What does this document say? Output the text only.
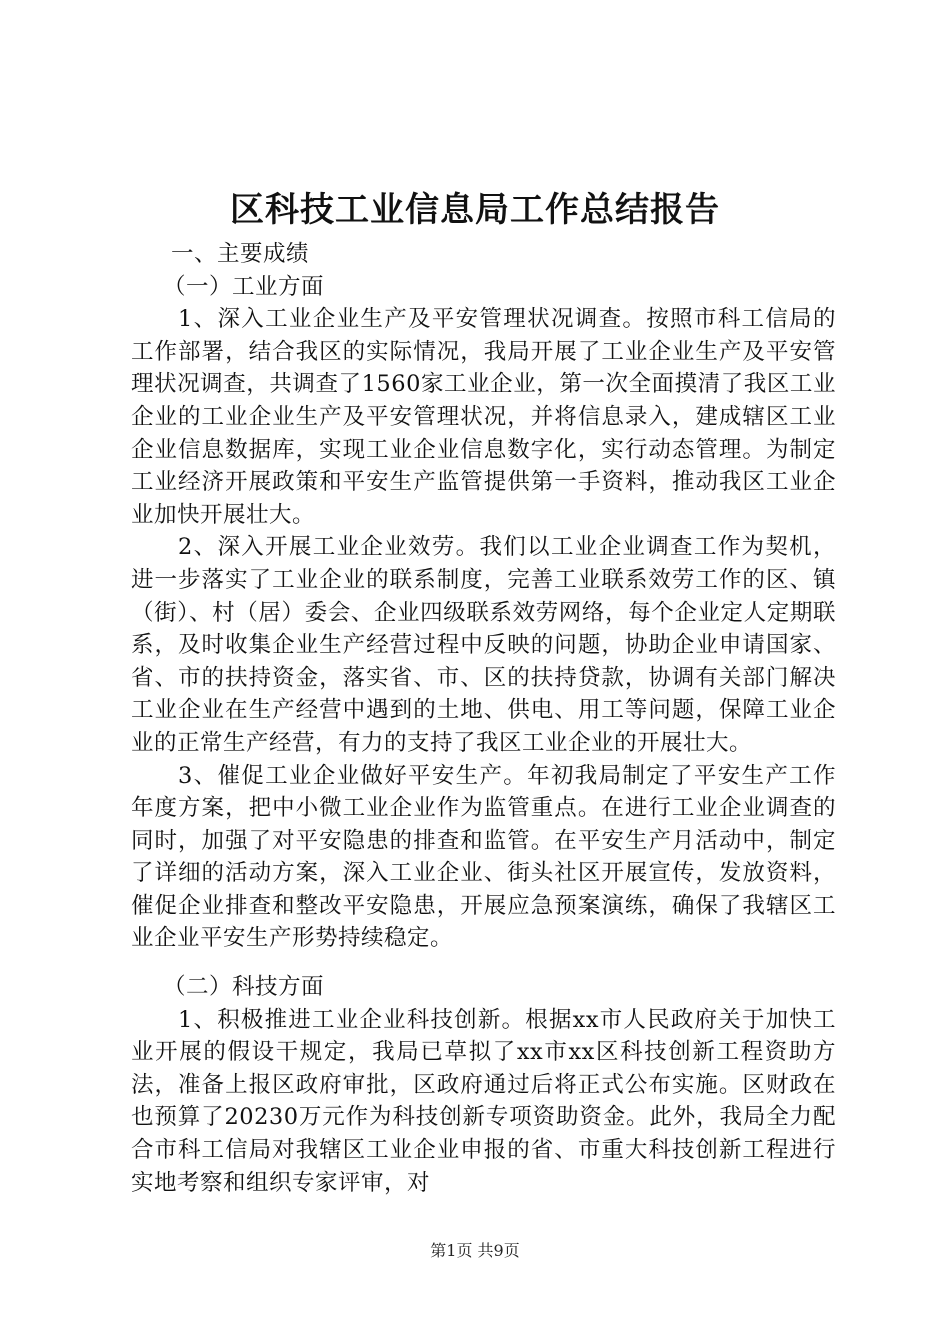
区科技工业信息局工作总结报告

一、主要成绩

（一）工业方面

1、深入工业企业生产及平安管理状况调查。按照市科工信局的工作部署，结合我区的实际情况，我局开展了工业企业生产及平安管理状况调查，共调查了1560家工业企业，第一次全面摸清了我区工业企业的工业企业生产及平安管理状况，并将信息录入，建成辖区工业企业信息数据库，实现工业企业信息数字化，实行动态管理。为制定工业经济开展政策和平安生产监管提供第一手资料，推动我区工业企业加快开展壮大。

2、深入开展工业企业效劳。我们以工业企业调查工作为契机，进一步落实了工业企业的联系制度，完善工业联系效劳工作的区、镇（街）、村（居）委会、企业四级联系效劳网络，每个企业定人定期联系，及时收集企业生产经营过程中反映的问题，协助企业申请国家、省、市的扶持资金，落实省、市、区的扶持贷款，协调有关部门解决工业企业在生产经营中遇到的土地、供电、用工等问题，保障工业企业的正常生产经营，有力的支持了我区工业企业的开展壮大。

3、催促工业企业做好平安生产。年初我局制定了平安生产工作年度方案，把中小微工业企业作为监管重点。在进行工业企业调查的同时，加强了对平安隐患的排查和监管。在平安生产月活动中，制定了详细的活动方案，深入工业企业、街头社区开展宣传，发放资料，催促企业排查和整改平安隐患，开展应急预案演练，确保了我辖区工业企业平安生产形势持续稳定。

（二）科技方面

1、积极推进工业企业科技创新。根据xx市人民政府关于加快工业开展的假设干规定，我局已草拟了xx市xx区科技创新工程资助方法，准备上报区政府审批，区政府通过后将正式公布实施。区财政在也预算了20230万元作为科技创新专项资助资金。此外，我局全力配合市科工信局对我辖区工业企业申报的省、市重大科技创新工程进行实地考察和组织专家评审，对

第1页 共9页
